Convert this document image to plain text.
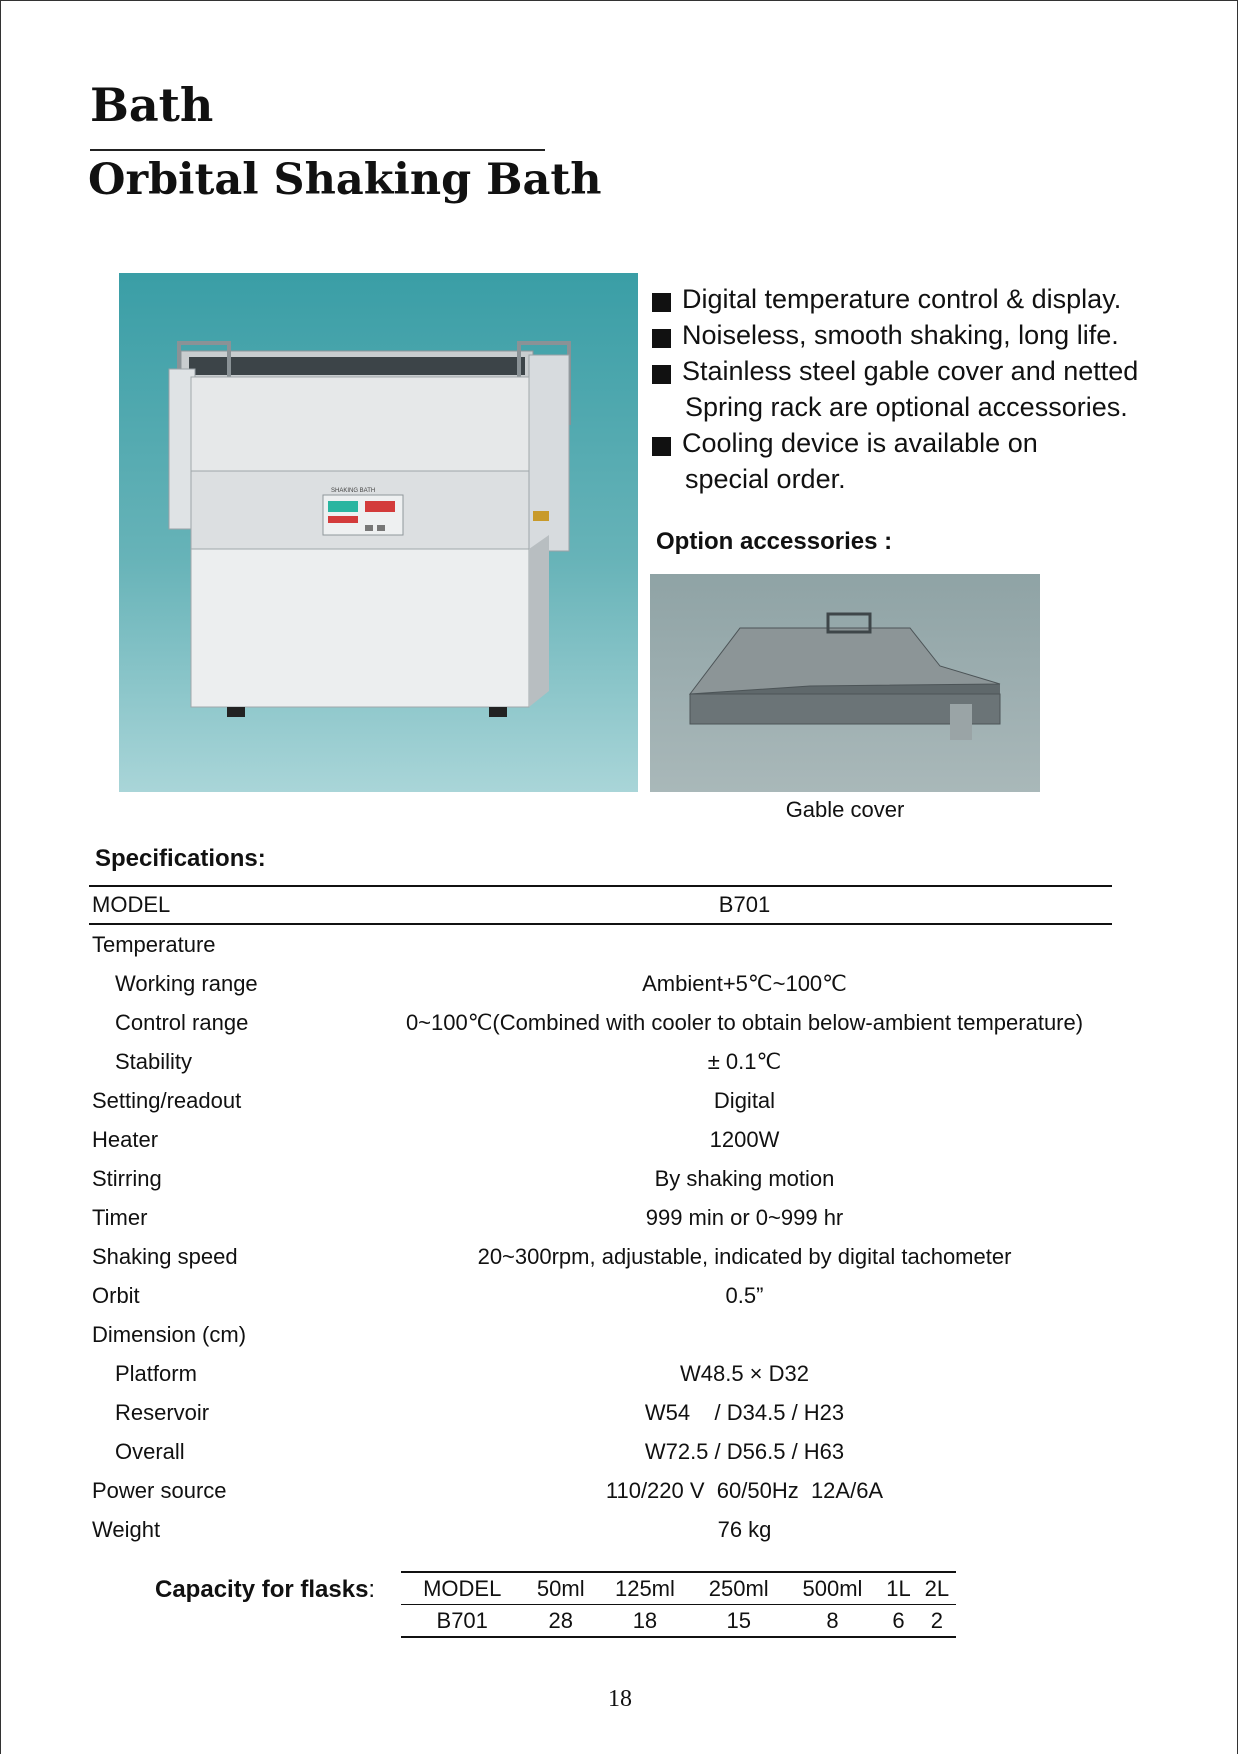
Bath
Orbital Shaking Bath
SHAKING BATH
Digital temperature control & display.
Noiseless, smooth shaking, long life.
Stainless steel gable cover and netted
Spring rack are optional accessories.
Cooling device is available on
special order.
Option accessories :
Gable cover
Specifications:
MODEL	B701
Temperature	
Working range	Ambient+5℃~100℃
Control range	0~100℃(Combined with cooler to obtain below-ambient temperature)
Stability	± 0.1℃
Setting/readout	Digital
Heater	1200W
Stirring	By shaking motion
Timer	999 min or 0~999 hr
Shaking speed	20~300rpm, adjustable, indicated by digital tachometer
Orbit	0.5”
Dimension (cm)	
Platform	W48.5 × D32
Reservoir	W54    / D34.5 / H23
Overall	W72.5 / D56.5 / H63
Power source	110/220 V  60/50Hz  12A/6A
Weight	76 kg
Capacity for flasks: MODEL	50ml	125ml	250ml	500ml	1L	2L
B701	28	18	15	8	6	2
18
